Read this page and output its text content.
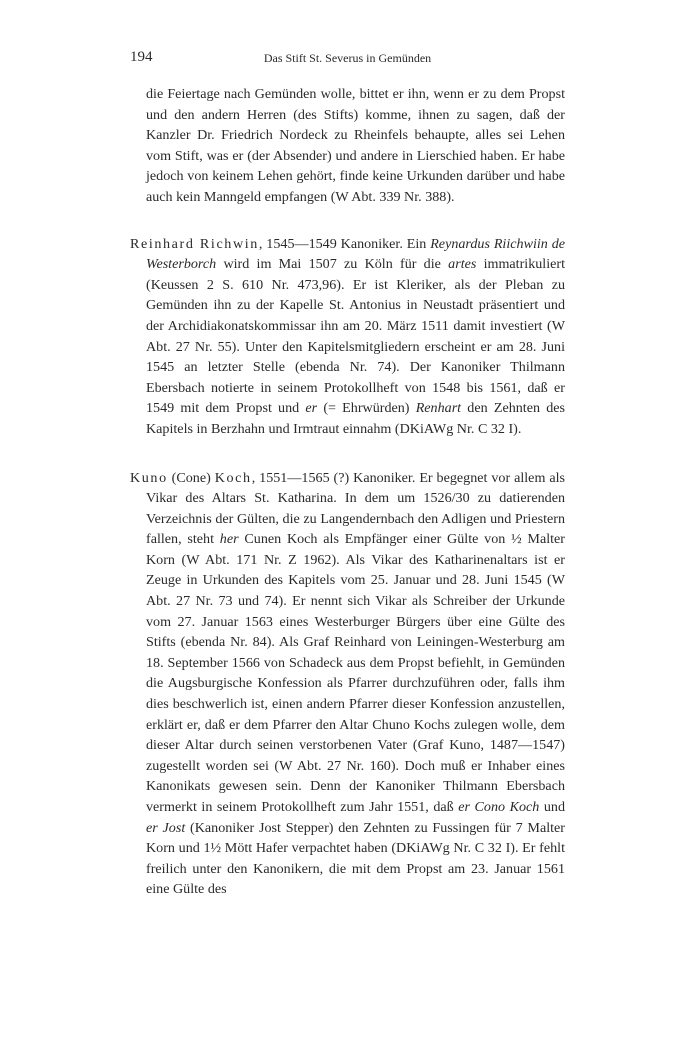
194	Das Stift St. Severus in Gemünden

die Feiertage nach Gemünden wolle, bittet er ihn, wenn er zu dem Propst und den andern Herren (des Stifts) komme, ihnen zu sagen, daß der Kanzler Dr. Friedrich Nordeck zu Rheinfels behaupte, alles sei Lehen vom Stift, was er (der Absender) und andere in Lierschied haben. Er habe jedoch von keinem Lehen gehört, finde keine Urkunden darüber und habe auch kein Manngeld empfangen (W Abt. 339 Nr. 388).

Reinhard Richwin, 1545—1549 Kanoniker. Ein Reynardus Riichwiin de Westerborch wird im Mai 1507 zu Köln für die artes immatrikuliert (Keussen 2 S. 610 Nr. 473,96). Er ist Kleriker, als der Pleban zu Gemünden ihn zu der Kapelle St. Antonius in Neustadt präsentiert und der Archidiakonatskommissar ihn am 20. März 1511 damit investiert (W Abt. 27 Nr. 55). Unter den Kapitelsmitgliedern erscheint er am 28. Juni 1545 an letzter Stelle (ebenda Nr. 74). Der Kanoniker Thilmann Ebersbach notierte in seinem Protokollheft von 1548 bis 1561, daß er 1549 mit dem Propst und er (= Ehrwürden) Renhart den Zehnten des Kapitels in Berzhahn und Irmtraut einnahm (DKiAWg Nr. C 32 I).

Kuno (Cone) Koch, 1551—1565 (?) Kanoniker. Er begegnet vor allem als Vikar des Altars St. Katharina. In dem um 1526/30 zu datierenden Verzeichnis der Gülten, die zu Langendernbach den Adligen und Priestern fallen, steht her Cunen Koch als Empfänger einer Gülte von ½ Malter Korn (W Abt. 171 Nr. Z 1962). Als Vikar des Katharinenaltars ist er Zeuge in Urkunden des Kapitels vom 25. Januar und 28. Juni 1545 (W Abt. 27 Nr. 73 und 74). Er nennt sich Vikar als Schreiber der Urkunde vom 27. Januar 1563 eines Westerburger Bürgers über eine Gülte des Stifts (ebenda Nr. 84). Als Graf Reinhard von Leiningen-Westerburg am 18. September 1566 von Schadeck aus dem Propst befiehlt, in Gemünden die Augsburgische Konfession als Pfarrer durchzuführen oder, falls ihm dies beschwerlich ist, einen andern Pfarrer dieser Konfession anzustellen, erklärt er, daß er dem Pfarrer den Altar Chuno Kochs zulegen wolle, dem dieser Altar durch seinen verstorbenen Vater (Graf Kuno, 1487—1547) zugestellt worden sei (W Abt. 27 Nr. 160). Doch muß er Inhaber eines Kanonikats gewesen sein. Denn der Kanoniker Thilmann Ebersbach vermerkt in seinem Protokollheft zum Jahr 1551, daß er Cono Koch und er Jost (Kanoniker Jost Stepper) den Zehnten zu Fussingen für 7 Malter Korn und 1½ Mött Hafer verpachtet haben (DKiAWg Nr. C 32 I). Er fehlt freilich unter den Kanonikern, die mit dem Propst am 23. Januar 1561 eine Gülte des
